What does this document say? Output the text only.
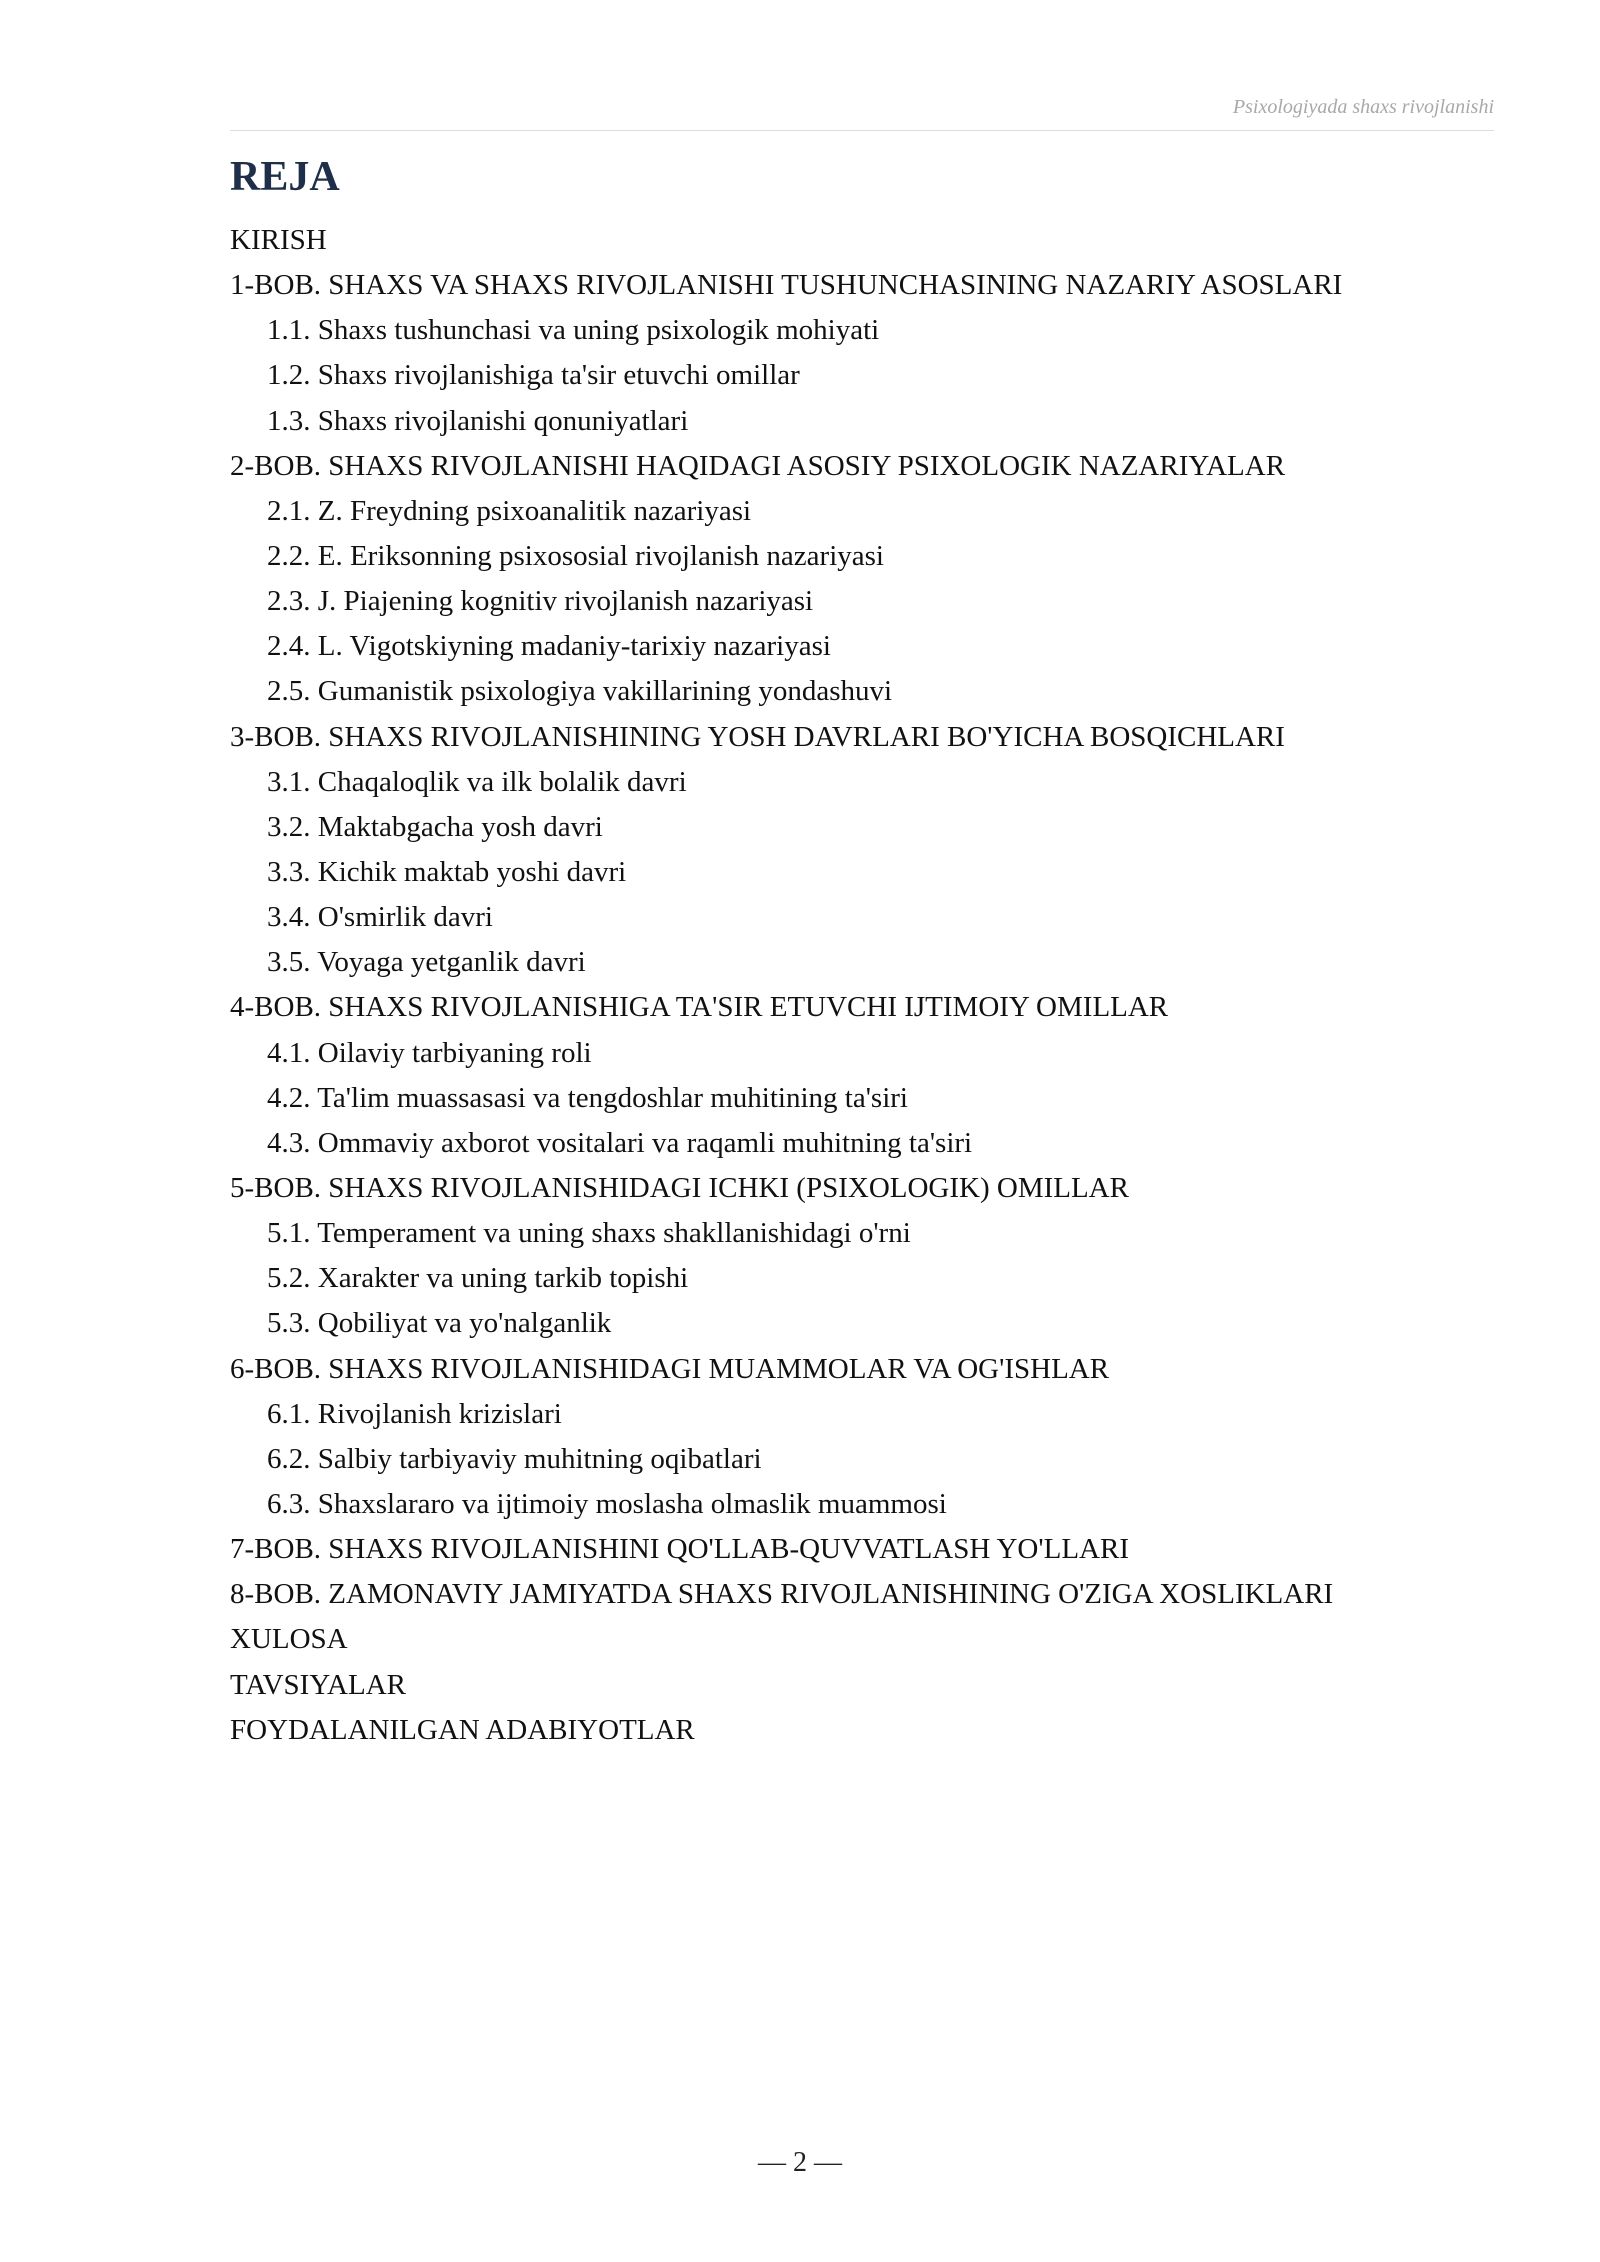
Psixologiyada shaxs rivojlanishi
REJA
KIRISH
1-BOB. SHAXS VA SHAXS RIVOJLANISHI TUSHUNCHASINING NAZARIY ASOSLARI
1.1. Shaxs tushunchasi va uning psixologik mohiyati
1.2. Shaxs rivojlanishiga ta'sir etuvchi omillar
1.3. Shaxs rivojlanishi qonuniyatlari
2-BOB. SHAXS RIVOJLANISHI HAQIDAGI ASOSIY PSIXOLOGIK NAZARIYALAR
2.1. Z. Freydning psixoanalitik nazariyasi
2.2. E. Eriksonning psixososial rivojlanish nazariyasi
2.3. J. Piajening kognitiv rivojlanish nazariyasi
2.4. L. Vigotskiyning madaniy-tarixiy nazariyasi
2.5. Gumanistik psixologiya vakillarining yondashuvi
3-BOB. SHAXS RIVOJLANISHINING YOSH DAVRLARI BO'YICHA BOSQICHLARI
3.1. Chaqaloqlik va ilk bolalik davri
3.2. Maktabgacha yosh davri
3.3. Kichik maktab yoshi davri
3.4. O'smirlik davri
3.5. Voyaga yetganlik davri
4-BOB. SHAXS RIVOJLANISHIGA TA'SIR ETUVCHI IJTIMOIY OMILLAR
4.1. Oilaviy tarbiyaning roli
4.2. Ta'lim muassasasi va tengdoshlar muhitining ta'siri
4.3. Ommaviy axborot vositalari va raqamli muhitning ta'siri
5-BOB. SHAXS RIVOJLANISHIDAGI ICHKI (PSIXOLOGIK) OMILLAR
5.1. Temperament va uning shaxs shakllanishidagi o'rni
5.2. Xarakter va uning tarkib topishi
5.3. Qobiliyat va yo'nalganlik
6-BOB. SHAXS RIVOJLANISHIDAGI MUAMMOLAR VA OG'ISHLAR
6.1. Rivojlanish krizislari
6.2. Salbiy tarbiyaviy muhitning oqibatlari
6.3. Shaxslararo va ijtimoiy moslasha olmaslik muammosi
7-BOB. SHAXS RIVOJLANISHINI QO'LLAB-QUVVATLASH YO'LLARI
8-BOB. ZAMONAVIY JAMIYATDA SHAXS RIVOJLANISHINING O'ZIGA XOSLIKLARI
XULOSA
TAVSIYALAR
FOYDALANILGAN ADABIYOTLAR
— 2 —
